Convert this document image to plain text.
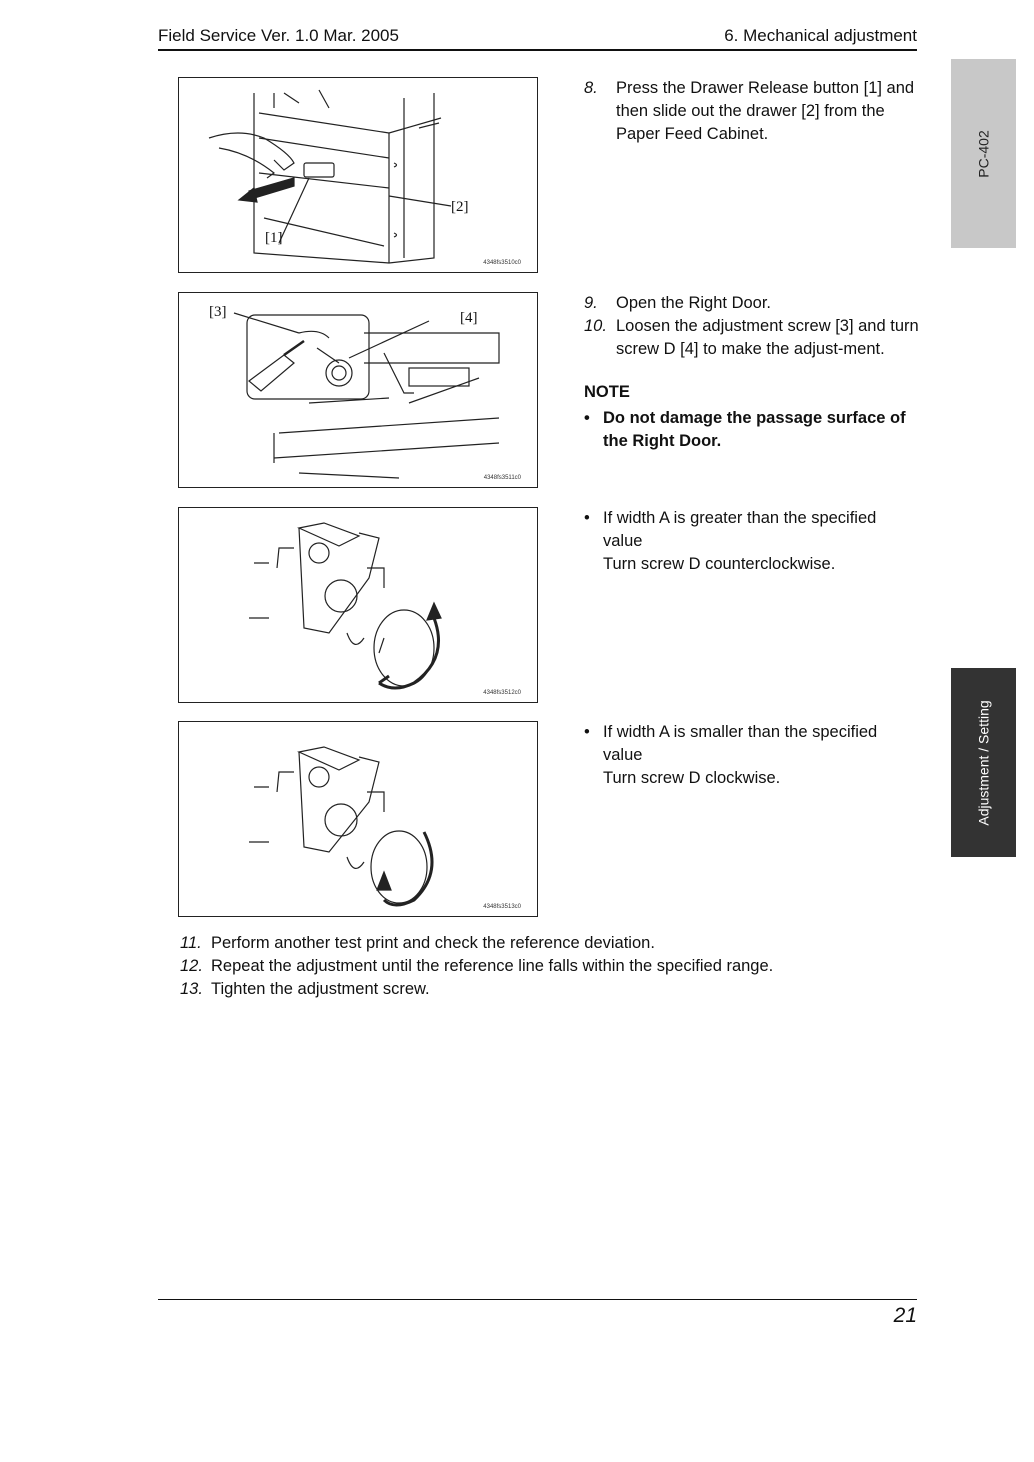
Field Service Ver. 1.0 Mar. 2005	6. Mechanical adjustment
PC-402
Adjustment / Setting
[1]
[2]
4348fs3510c0
[3]	[4]
4348fs3511c0
4348fs3512c0
4348fs3513c0
8. Press the Drawer Release button [1] and then slide out the drawer [2] from the Paper Feed Cabinet.
9. Open the Right Door.
10. Loosen the adjustment screw [3] and turn screw D [4] to make the adjust-ment.
NOTE
• Do not damage the passage surface of the Right Door.
• If width A is greater than the specified value
Turn screw D counterclockwise.
• If width A is smaller than the specified value
Turn screw D clockwise.
11. Perform another test print and check the reference deviation.
12. Repeat the adjustment until the reference line falls within the specified range.
13. Tighten the adjustment screw.
21
